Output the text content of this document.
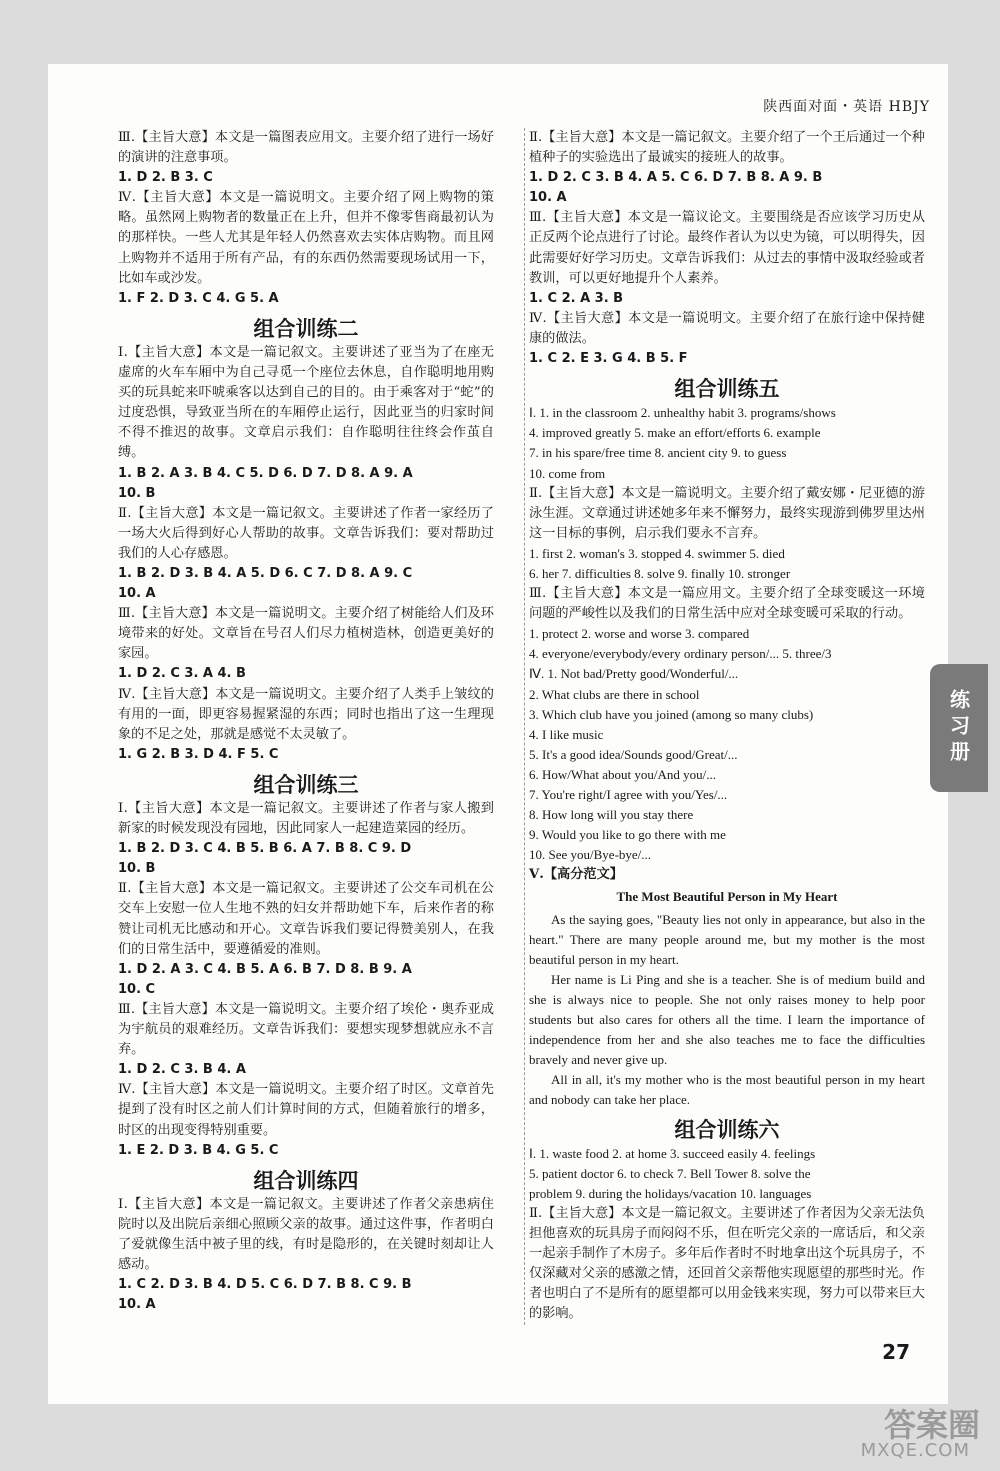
陕西面对面・英语 HBJY

Ⅲ.【主旨大意】本文是一篇图表应用文。主要介绍了进行一场好的演讲的注意事项。

1. D 2. B 3. C

Ⅳ.【主旨大意】本文是一篇说明文。主要介绍了网上购物的策略。虽然网上购物者的数量正在上升，但并不像零售商最初认为的那样快。一些人尤其是年轻人仍然喜欢去实体店购物。而且网上购物并不适用于所有产品，有的东西仍然需要现场试用一下，比如车或沙发。

1. F 2. D 3. C 4. G 5. A

组合训练二

Ⅰ.【主旨大意】本文是一篇记叙文。主要讲述了亚当为了在座无虚席的火车车厢中为自己寻觅一个座位去休息，自作聪明地用购买的玩具蛇来吓唬乘客以达到自己的目的。由于乘客对于“蛇”的过度恐惧，导致亚当所在的车厢停止运行，因此亚当的归家时间不得不推迟的故事。文章启示我们：自作聪明往往终会作茧自缚。

1. B 2. A 3. B 4. C 5. D 6. D 7. D 8. A 9. A

10. B

Ⅱ.【主旨大意】本文是一篇记叙文。主要讲述了作者一家经历了一场大火后得到好心人帮助的故事。文章告诉我们：要对帮助过我们的人心存感恩。

1. B 2. D 3. B 4. A 5. D 6. C 7. D 8. A 9. C

10. A

Ⅲ.【主旨大意】本文是一篇说明文。主要介绍了树能给人们及环境带来的好处。文章旨在号召人们尽力植树造林，创造更美好的家园。

1. D 2. C 3. A 4. B

Ⅳ.【主旨大意】本文是一篇说明文。主要介绍了人类手上皱纹的有用的一面，即更容易握紧湿的东西；同时也指出了这一生理现象的不足之处，那就是感觉不太灵敏了。

1. G 2. B 3. D 4. F 5. C

组合训练三

Ⅰ.【主旨大意】本文是一篇记叙文。主要讲述了作者与家人搬到新家的时候发现没有园地，因此同家人一起建造菜园的经历。

1. B 2. D 3. C 4. B 5. B 6. A 7. B 8. C 9. D

10. B

Ⅱ.【主旨大意】本文是一篇记叙文。主要讲述了公交车司机在公交车上安慰一位人生地不熟的妇女并帮助她下车，后来作者的称赞让司机无比感动和开心。文章告诉我们要记得赞美别人，在我们的日常生活中，要遵循爱的准则。

1. D 2. A 3. C 4. B 5. A 6. B 7. D 8. B 9. A

10. C

Ⅲ.【主旨大意】本文是一篇说明文。主要介绍了埃伦・奥乔亚成为宇航员的艰难经历。文章告诉我们：要想实现梦想就应永不言弃。

1. D 2. C 3. B 4. A

Ⅳ.【主旨大意】本文是一篇说明文。主要介绍了时区。文章首先提到了没有时区之前人们计算时间的方式，但随着旅行的增多，时区的出现变得特别重要。

1. E 2. D 3. B 4. G 5. C

组合训练四

Ⅰ.【主旨大意】本文是一篇记叙文。主要讲述了作者父亲患病住院时以及出院后亲细心照顾父亲的故事。通过这件事，作者明白了爱就像生活中被子里的线，有时是隐形的，在关键时刻却让人感动。

1. C 2. D 3. B 4. D 5. C 6. D 7. B 8. C 9. B

10. A

Ⅱ.【主旨大意】本文是一篇记叙文。主要介绍了一个王后通过一个种植种子的实验选出了最诚实的接班人的故事。

1. D 2. C 3. B 4. A 5. C 6. D 7. B 8. A 9. B

10. A

Ⅲ.【主旨大意】本文是一篇议论文。主要围绕是否应该学习历史从正反两个论点进行了讨论。最终作者认为以史为镜，可以明得失，因此需要好好学习历史。文章告诉我们：从过去的事情中汲取经验或者教训，可以更好地提升个人素养。

1. C 2. A 3. B

Ⅳ.【主旨大意】本文是一篇说明文。主要介绍了在旅行途中保持健康的做法。

1. C 2. E 3. G 4. B 5. F

组合训练五

Ⅰ. 1. in the classroom 2. unhealthy habit 3. programs/shows

4. improved greatly 5. make an effort/efforts 6. example

7. in his spare/free time 8. ancient city 9. to guess

10. come from

Ⅱ.【主旨大意】本文是一篇说明文。主要介绍了戴安娜・尼亚德的游泳生涯。文章通过讲述她多年来不懈努力，最终实现游到佛罗里达州这一目标的事例，启示我们要永不言弃。

1. first 2. woman's 3. stopped 4. swimmer 5. died

6. her 7. difficulties 8. solve 9. finally 10. stronger

Ⅲ.【主旨大意】本文是一篇应用文。主要介绍了全球变暖这一环境问题的严峻性以及我们的日常生活中应对全球变暖可采取的行动。

1. protect 2. worse and worse 3. compared

4. everyone/everybody/every ordinary person/... 5. three/3

Ⅳ. 1. Not bad/Pretty good/Wonderful/...

2. What clubs are there in school

3. Which club have you joined (among so many clubs)

4. I like music

5. It's a good idea/Sounds good/Great/...

6. How/What about you/And you/...

7. You're right/I agree with you/Yes/...

8. How long will you stay there

9. Would you like to go there with me

10. See you/Bye-bye/...

Ⅴ.【高分范文】

The Most Beautiful Person in My Heart

As the saying goes, "Beauty lies not only in appearance, but also in the heart." There are many people around me, but my mother is the most beautiful person in my heart.

Her name is Li Ping and she is a teacher. She is of medium build and she is always nice to people. She not only raises money to help poor students but also cares for others all the time. I learn the importance of independence from her and she also teaches me to face the difficulties bravely and never give up.

All in all, it's my mother who is the most beautiful person in my heart and nobody can take her place.

组合训练六

Ⅰ. 1. waste food 2. at home 3. succeed easily 4. feelings

5. patient doctor 6. to check 7. Bell Tower 8. solve the

problem 9. during the holidays/vacation 10. languages

Ⅱ.【主旨大意】本文是一篇记叙文。主要讲述了作者因为父亲无法负担他喜欢的玩具房子而闷闷不乐，但在听完父亲的一席话后，和父亲一起亲手制作了木房子。多年后作者时不时地拿出这个玩具房子，不仅深藏对父亲的感激之情，还回首父亲帮他实现愿望的那些时光。作者也明白了不是所有的愿望都可以用金钱来实现，努力可以带来巨大的影响。

练习册
27
答案圈
MXQE.COM
